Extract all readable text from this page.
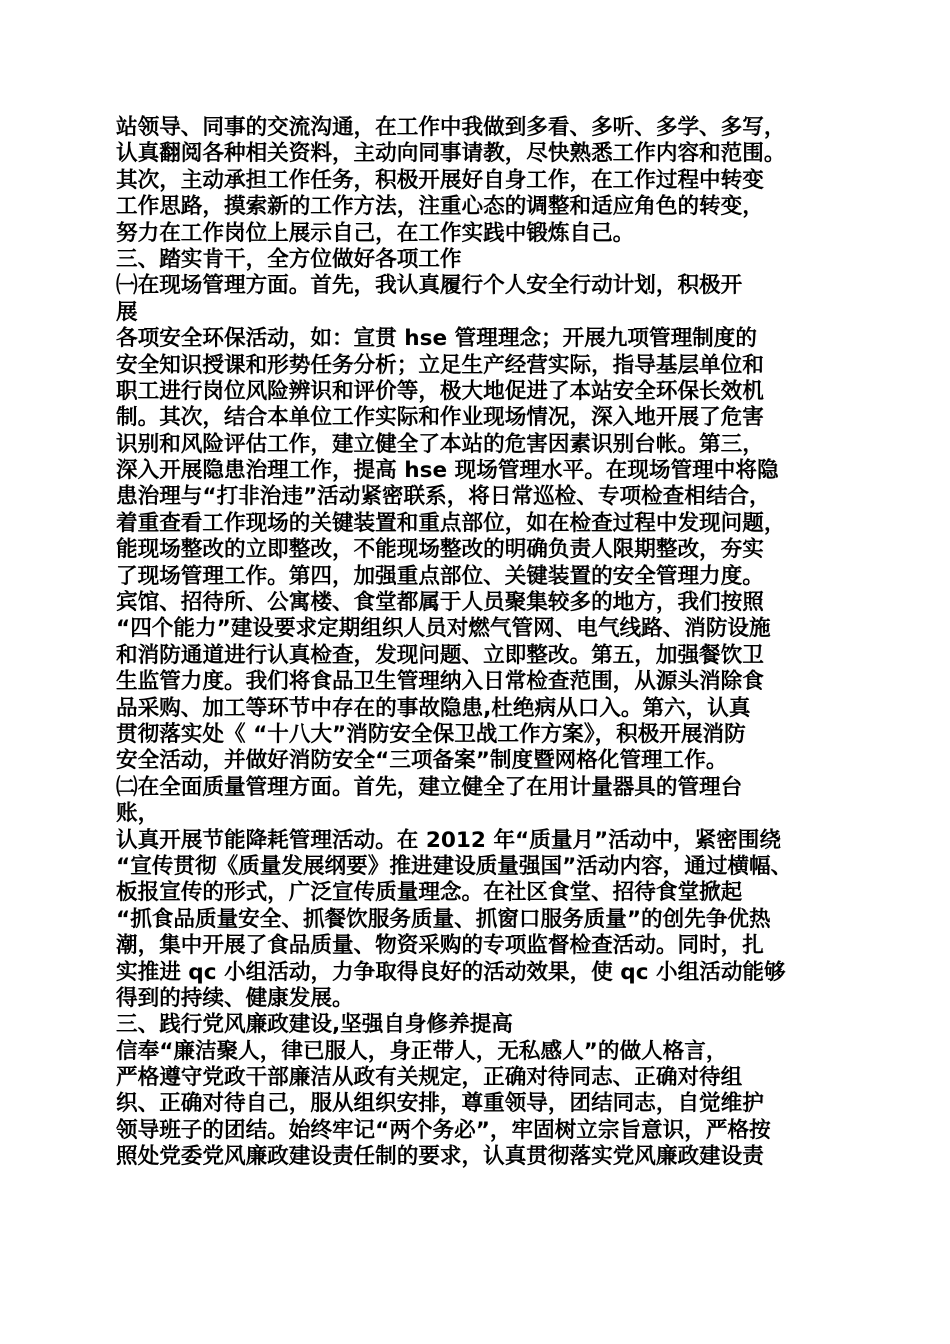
站领导、同事的交流沟通，在工作中我做到多看、多听、多学、多写，
认真翻阅各种相关资料，主动向同事请教，尽快熟悉工作内容和范围。
其次，主动承担工作任务，积极开展好自身工作，在工作过程中转变
工作思路，摸索新的工作方法，注重心态的调整和适应角色的转变，
努力在工作岗位上展示自己，在工作实践中锻炼自己。
三、踏实肯干，全方位做好各项工作
㈠在现场管理方面。首先，我认真履行个人安全行动计划，积极开
展
各项安全环保活动，如：宣贯 hse 管理理念；开展九项管理制度的
安全知识授课和形势任务分析；立足生产经营实际，指导基层单位和
职工进行岗位风险辨识和评价等，极大地促进了本站安全环保长效机
制。其次，结合本单位工作实际和作业现场情况，深入地开展了危害
识别和风险评估工作，建立健全了本站的危害因素识别台帐。第三，
深入开展隐患治理工作，提高 hse 现场管理水平。在现场管理中将隐
患治理与“打非治违”活动紧密联系，将日常巡检、专项检查相结合，
着重查看工作现场的关键装置和重点部位，如在检查过程中发现问题，
能现场整改的立即整改，不能现场整改的明确负责人限期整改，夯实
了现场管理工作。第四，加强重点部位、关键装置的安全管理力度。
宾馆、招待所、公寓楼、食堂都属于人员聚集较多的地方，我们按照
“四个能力”建设要求定期组织人员对燃气管网、电气线路、消防设施
和消防通道进行认真检查，发现问题、立即整改。第五，加强餐饮卫
生监管力度。我们将食品卫生管理纳入日常检查范围，从源头消除食
品采购、加工等环节中存在的事故隐患,杜绝病从口入。第六，认真
贯彻落实处《 “十八大”消防安全保卫战工作方案》，积极开展消防
安全活动，并做好消防安全“三项备案”制度暨网格化管理工作。
㈡在全面质量管理方面。首先，建立健全了在用计量器具的管理台
账，
认真开展节能降耗管理活动。在 2012 年“质量月”活动中，紧密围绕
“宣传贯彻《质量发展纲要》推进建设质量强国”活动内容，通过横幅、
板报宣传的形式，广泛宣传质量理念。在社区食堂、招待食堂掀起
“抓食品质量安全、抓餐饮服务质量、抓窗口服务质量”的创先争优热
潮，集中开展了食品质量、物资采购的专项监督检查活动。同时，扎
实推进 qc 小组活动，力争取得良好的活动效果，使 qc 小组活动能够
得到的持续、健康发展。
三、践行党风廉政建设,坚强自身修养提高
信奉“廉洁聚人，律已服人，身正带人，无私感人”的做人格言，
严格遵守党政干部廉洁从政有关规定，正确对待同志、正确对待组
织、正确对待自己，服从组织安排，尊重领导，团结同志，自觉维护
领导班子的团结。始终牢记“两个务必”，牢固树立宗旨意识，严格按
照处党委党风廉政建设责任制的要求，认真贯彻落实党风廉政建设责
